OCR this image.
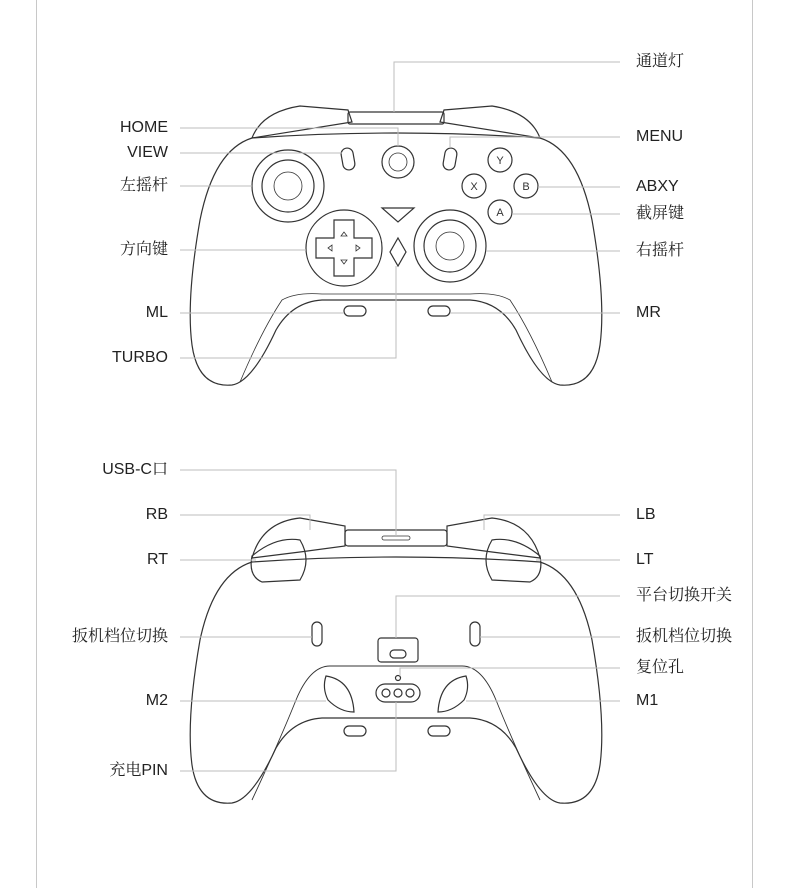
Y
X	B
A
HOME
VIEW
左摇杆
方向键
ML
TURBO
通道灯
MENU
ABXY
截屏键
右摇杆
MR
USB-C口
RB
RT
扳机档位切换
M2
充电PIN
LB
LT
平台切换开关
扳机档位切换
复位孔
M1
